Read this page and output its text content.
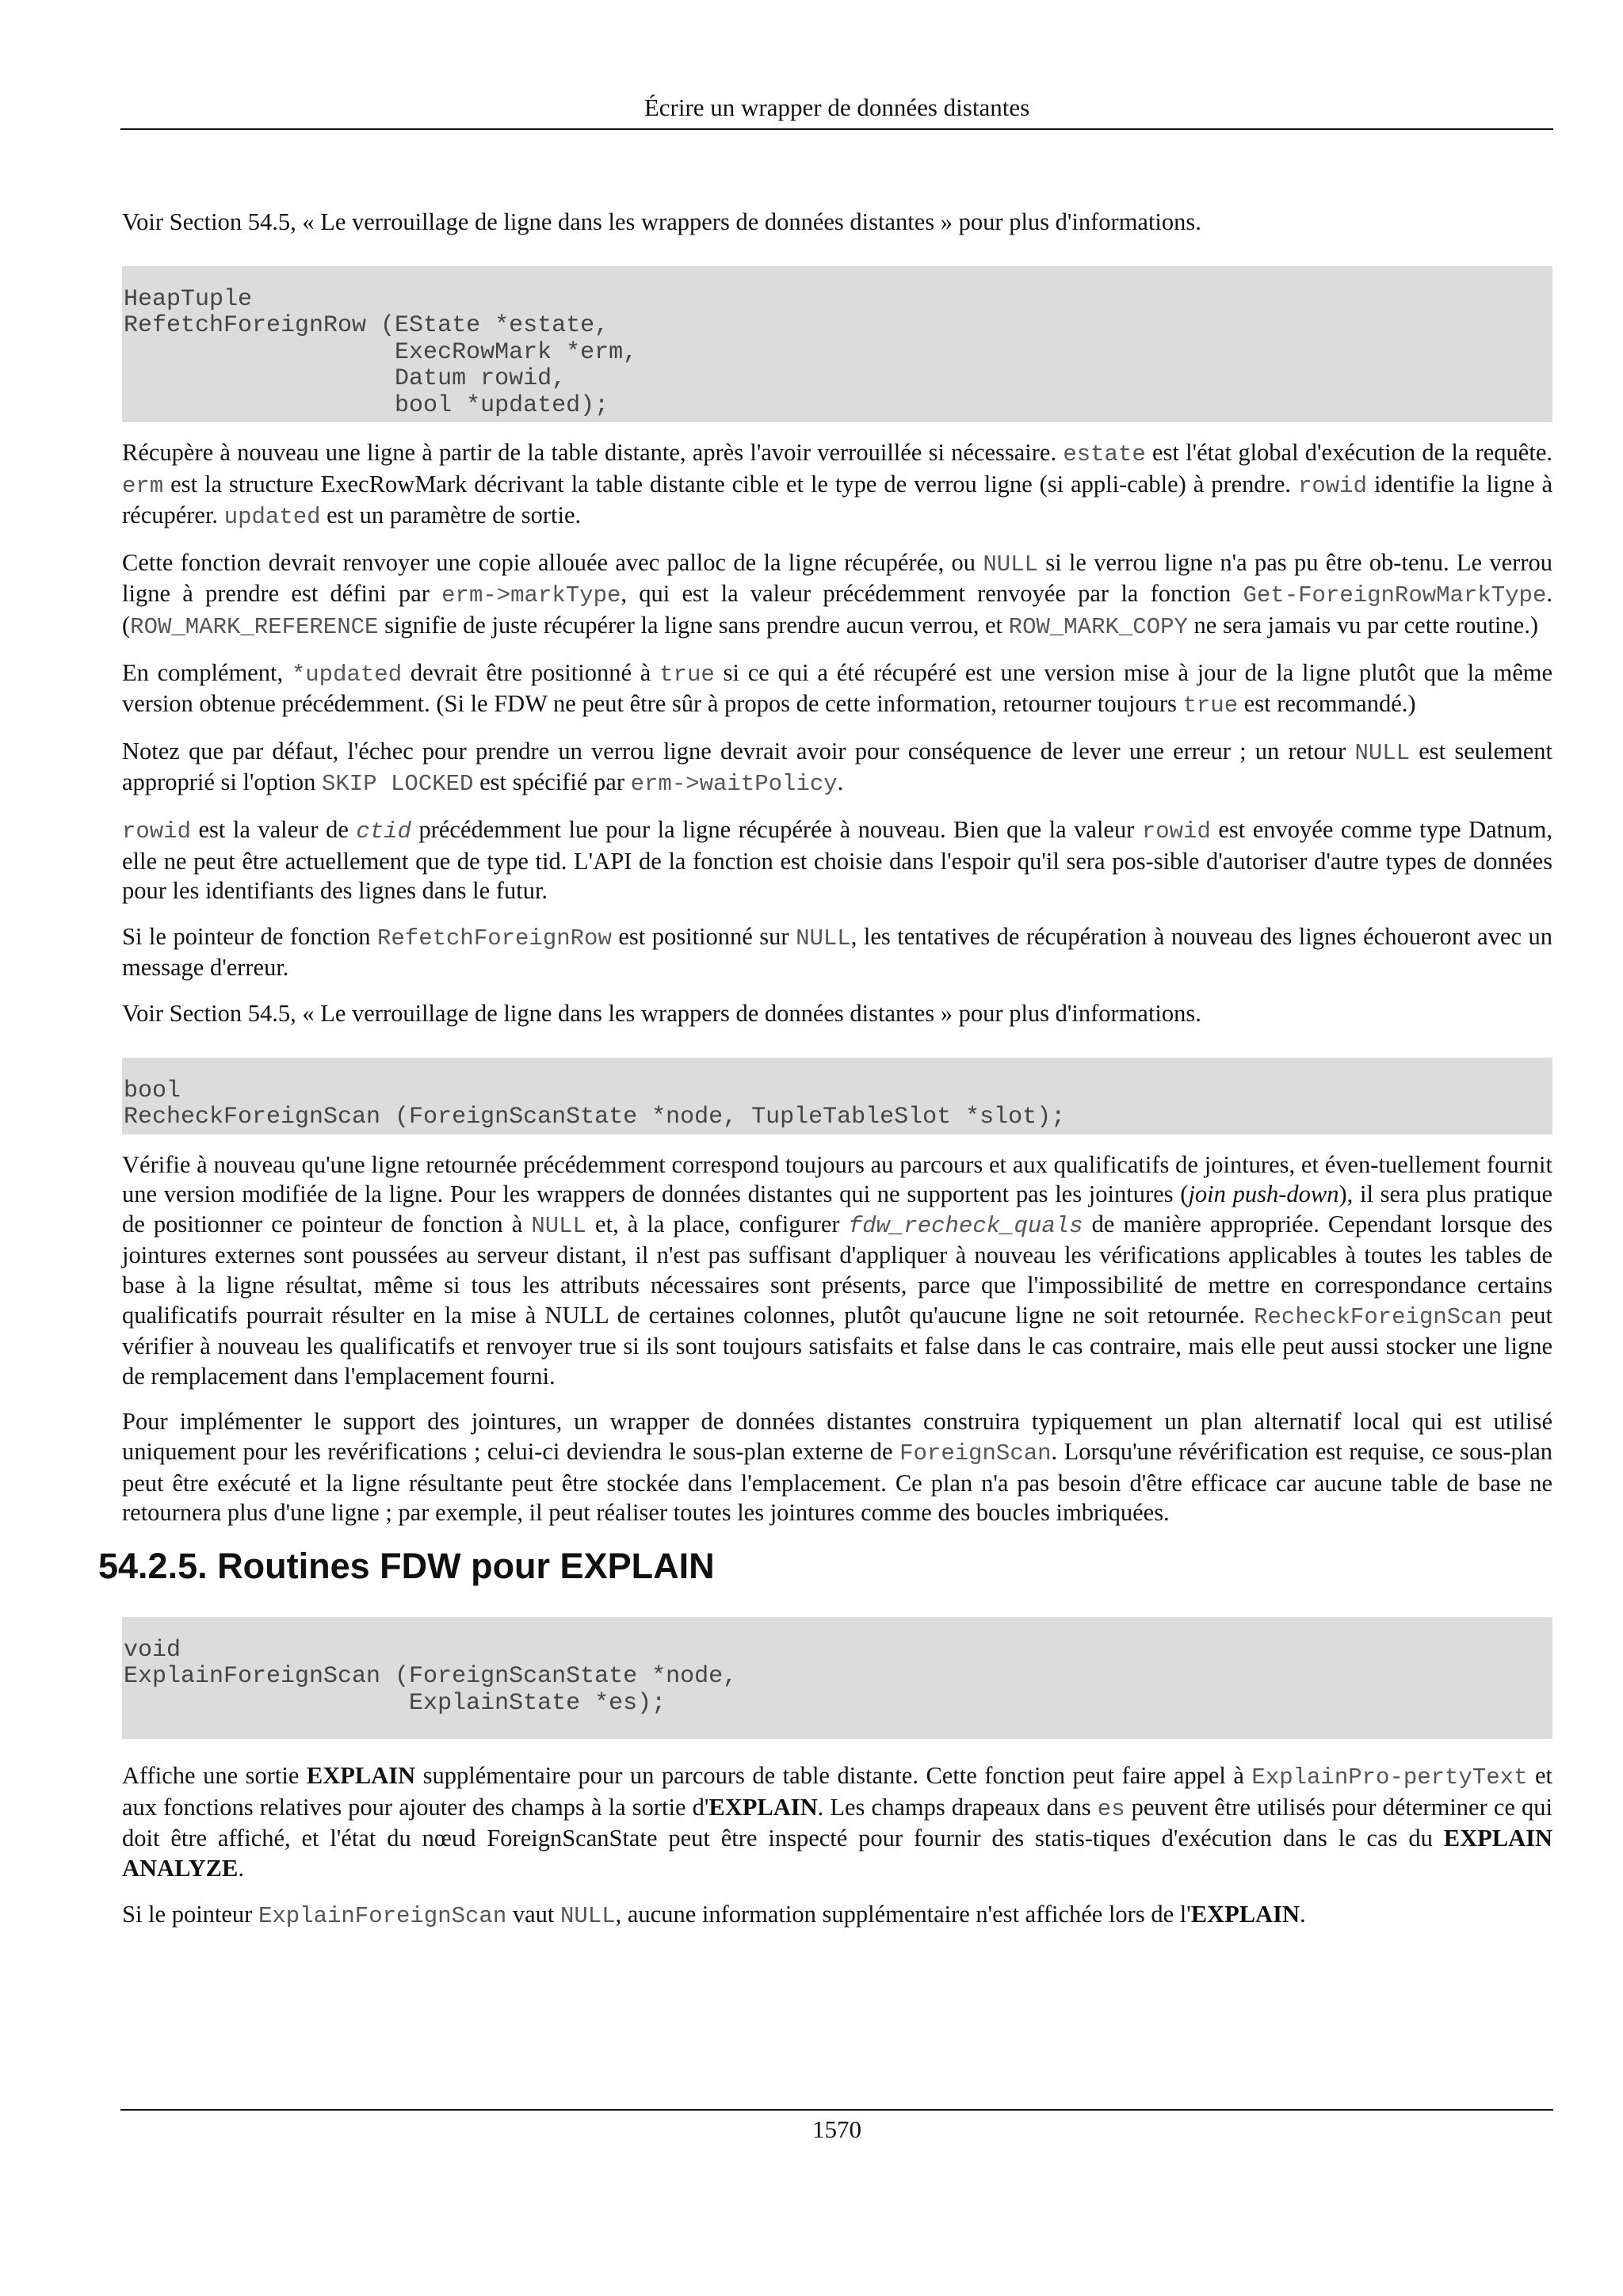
Écrire un wrapper de données distantes

Voir Section 54.5, « Le verrouillage de ligne dans les wrappers de données distantes » pour plus d'informations.

HeapTuple
RefetchForeignRow (EState *estate,
ExecRowMark *erm,
Datum rowid,
bool *updated);

Récupère à nouveau une ligne à partir de la table distante, après l'avoir verrouillée si nécessaire. estate est l'état global d'exécution de la requête. erm est la structure ExecRowMark décrivant la table distante cible et le type de verrou ligne (si appli‑cable) à prendre. rowid identifie la ligne à récupérer. updated est un paramètre de sortie.

Cette fonction devrait renvoyer une copie allouée avec palloc de la ligne récupérée, ou NULL si le verrou ligne n'a pas pu être ob‑tenu. Le verrou ligne à prendre est défini par erm->markType, qui est la valeur précédemment renvoyée par la fonction Get‑ForeignRowMarkType. (ROW_MARK_REFERENCE signifie de juste récupérer la ligne sans prendre aucun verrou, et ROW_MARK_COPY ne sera jamais vu par cette routine.)

En complément, *updated devrait être positionné à true si ce qui a été récupéré est une version mise à jour de la ligne plutôt que la même version obtenue précédemment. (Si le FDW ne peut être sûr à propos de cette information, retourner toujours true est recommandé.)

Notez que par défaut, l'échec pour prendre un verrou ligne devrait avoir pour conséquence de lever une erreur ; un retour NULL est seulement approprié si l'option SKIP LOCKED est spécifié par erm->waitPolicy.

rowid est la valeur de ctid précédemment lue pour la ligne récupérée à nouveau. Bien que la valeur rowid est envoyée comme type Datnum, elle ne peut être actuellement que de type tid. L'API de la fonction est choisie dans l'espoir qu'il sera pos‑sible d'autoriser d'autre types de données pour les identifiants des lignes dans le futur.

Si le pointeur de fonction RefetchForeignRow est positionné sur NULL, les tentatives de récupération à nouveau des lignes échoueront avec un message d'erreur.

Voir Section 54.5, « Le verrouillage de ligne dans les wrappers de données distantes » pour plus d'informations.

bool
RecheckForeignScan (ForeignScanState *node, TupleTableSlot *slot);

Vérifie à nouveau qu'une ligne retournée précédemment correspond toujours au parcours et aux qualificatifs de jointures, et éven‑tuellement fournit une version modifiée de la ligne. Pour les wrappers de données distantes qui ne supportent pas les jointures (join push-down), il sera plus pratique de positionner ce pointeur de fonction à NULL et, à la place, configurer fdw_recheck_quals de manière appropriée. Cependant lorsque des jointures externes sont poussées au serveur distant, il n'est pas suffisant d'appliquer à nouveau les vérifications applicables à toutes les tables de base à la ligne résultat, même si tous les attributs nécessaires sont présents, parce que l'impossibilité de mettre en correspondance certains qualificatifs pourrait résulter en la mise à NULL de certaines colonnes, plutôt qu'aucune ligne ne soit retournée. RecheckForeignScan peut vérifier à nouveau les qualificatifs et renvoyer true si ils sont toujours satisfaits et false dans le cas contraire, mais elle peut aussi stocker une ligne de remplacement dans l'emplacement fourni.

Pour implémenter le support des jointures, un wrapper de données distantes construira typiquement un plan alternatif local qui est utilisé uniquement pour les revérifications ; celui-ci deviendra le sous-plan externe de ForeignScan. Lorsqu'une révérification est requise, ce sous-plan peut être exécuté et la ligne résultante peut être stockée dans l'emplacement. Ce plan n'a pas besoin d'être efficace car aucune table de base ne retournera plus d'une ligne ; par exemple, il peut réaliser toutes les jointures comme des boucles imbriquées.

54.2.5. Routines FDW pour EXPLAIN
void
ExplainForeignScan (ForeignScanState *node,
ExplainState *es);

Affiche une sortie EXPLAIN supplémentaire pour un parcours de table distante. Cette fonction peut faire appel à ExplainPro‑pertyText et aux fonctions relatives pour ajouter des champs à la sortie d'EXPLAIN. Les champs drapeaux dans es peuvent être utilisés pour déterminer ce qui doit être affiché, et l'état du nœud ForeignScanState peut être inspecté pour fournir des statis‑tiques d'exécution dans le cas du EXPLAIN ANALYZE.

Si le pointeur ExplainForeignScan vaut NULL, aucune information supplémentaire n'est affichée lors de l'EXPLAIN.

1570
